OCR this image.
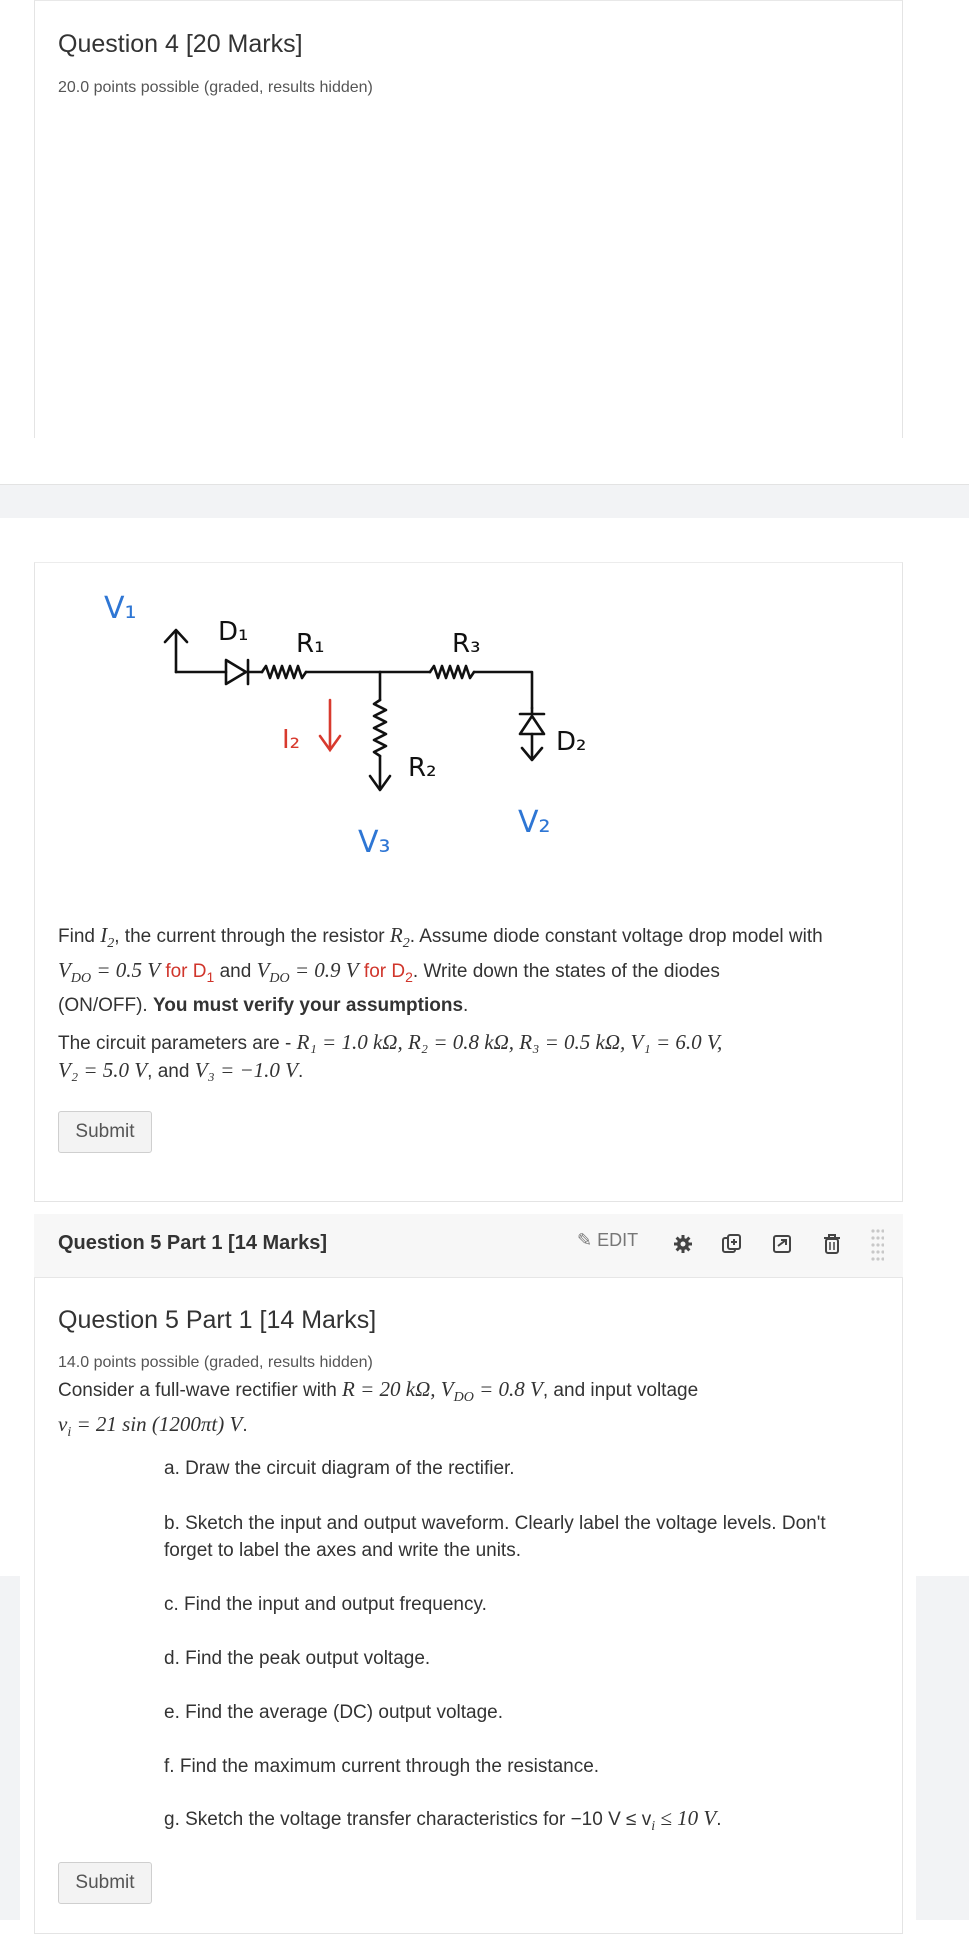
Question 4 [20 Marks]
20.0 points possible (graded, results hidden)
V₁
D₁ R₁	R₃
I₂
R₂
D₂
V₃
V₂
Find $I_2$, the current through the resistor $R_2$. Assume diode constant voltage drop model with
$V_{DO} = 0.5$ V for $D_1$ and $V_{DO} = 0.9$ V for $D_2$. Write down the states of the diodes
(ON/OFF). You must verify your assumptions.
The circuit parameters are - R₁ = 1.0 kΩ, R₂ = 0.8 kΩ, R₃ = 0.5 kΩ, V₁ = 6.0 V,
V₂ = 5.0 V, and V₃ = −1.0 V.
Submit
Question 5 Part 1 [14 Marks]	✎ EDIT
Question 5 Part 1 [14 Marks]
14.0 points possible (graded, results hidden)
Consider a full-wave rectifier with R = 20 kΩ, $V_{DO} = 0.8$ V, and input voltage
$v_i = 21$ sin (1200πt) V.
a. Draw the circuit diagram of the rectifier.
b. Sketch the input and output waveform. Clearly label the voltage levels. Don't
forget to label the axes and write the units.
c. Find the input and output frequency.
d. Find the peak output voltage.
e. Find the average (DC) output voltage.
f. Find the maximum current through the resistance.
g. Sketch the voltage transfer characteristics for −10 $V \le v_i \le 10$ V.
Submit
